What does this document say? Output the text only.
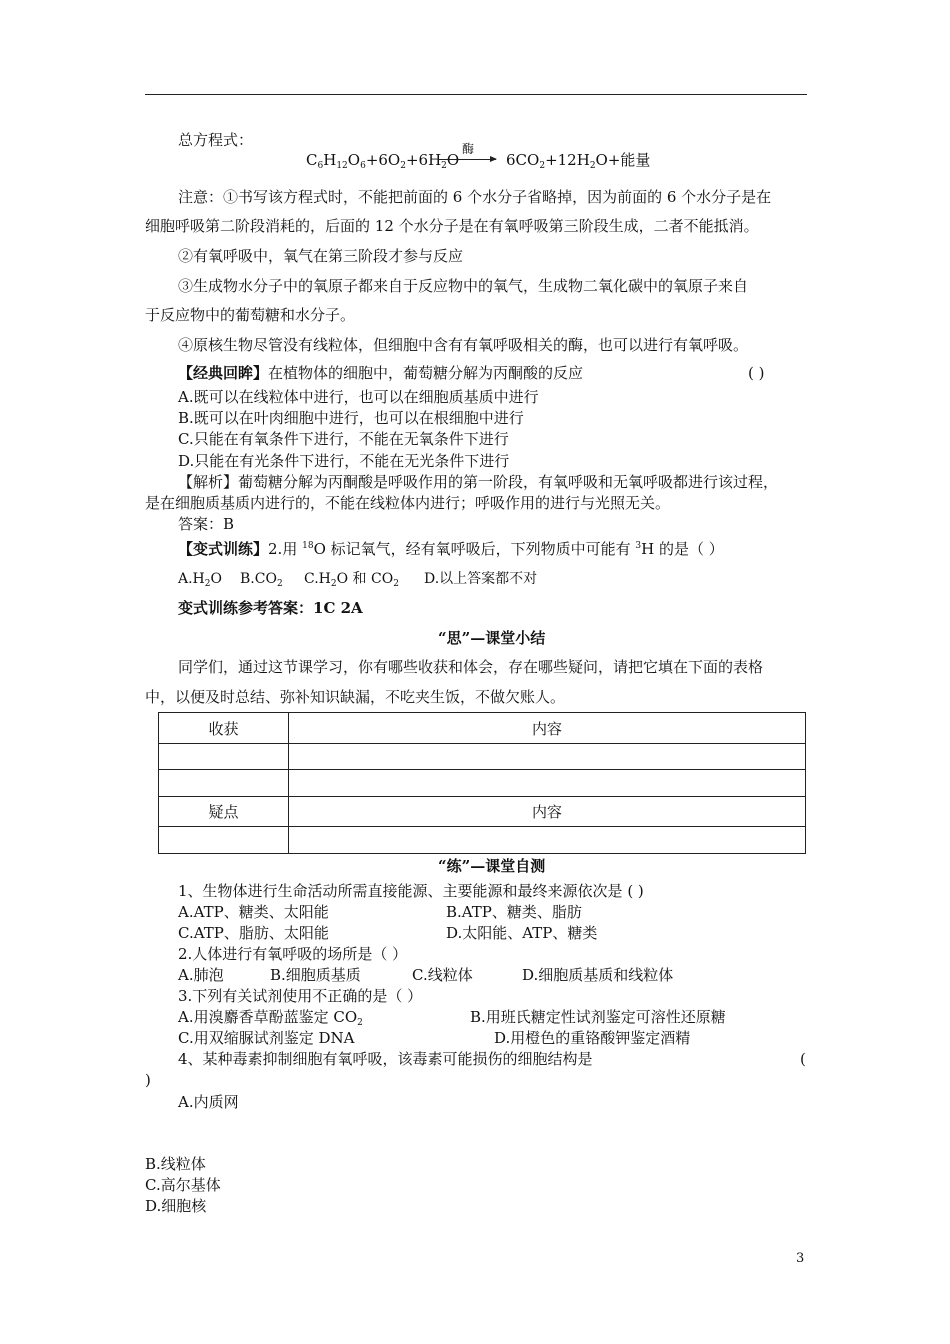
总方程式：	酶
$C_6H_{12}O_6+6O_2+6H_2O \to 6CO_2+12H_2O+$能量
注意：①书写该方程式时，不能把前面的 6 个水分子省略掉，因为前面的 6 个水分子是在
细胞呼吸第二阶段消耗的，后面的 12 个水分子是在有氧呼吸第三阶段生成，二者不能抵消。
②有氧呼吸中，氧气在第三阶段才参与反应
③生成物水分子中的氧原子都来自于反应物中的氧气，生成物二氧化碳中的氧原子来自
于反应物中的葡萄糖和水分子。
④原核生物尽管没有线粒体，但细胞中含有有氧呼吸相关的酶，也可以进行有氧呼吸。
【经典回眸】在植物体的细胞中，葡萄糖分解为丙酮酸的反应	( )
A.既可以在线粒体中进行，也可以在细胞质基质中进行
B.既可以在叶肉细胞中进行，也可以在根细胞中进行
C.只能在有氧条件下进行，不能在无氧条件下进行
D.只能在有光条件下进行，不能在无光条件下进行
【解析】葡萄糖分解为丙酮酸是呼吸作用的第一阶段，有氧呼吸和无氧呼吸都进行该过程，
是在细胞质基质内进行的，不能在线粒体内进行；呼吸作用的进行与光照无关。
答案：B
【变式训练】2.用 $^{18}$O 标记氧气，经有氧呼吸后，下列物质中可能有 $^3$H 的是（ ）
$A.H_2O$ $B.CO_2$ $C.H_2O$ 和 $CO_2$ D.以上答案都不对
变式训练参考答案：1C 2A
“思”—课堂小结
同学们，通过这节课学习，你有哪些收获和体会，存在哪些疑问，请把它填在下面的表格
中，以便及时总结、弥补知识缺漏，不吃夹生饭，不做欠账人。
收获	内容

疑点	内容

“练”—课堂自测
1、生物体进行生命活动所需直接能源、主要能源和最终来源依次是 ( )
A.ATP、糖类、太阳能	B.ATP、糖类、脂肪
C.ATP、脂肪、太阳能	D.太阳能、ATP、糖类
2.人体进行有氧呼吸的场所是（ ）
A.肺泡	B.细胞质基质	C.线粒体	D.细胞质基质和线粒体
3.下列有关试剂使用不正确的是（ ）
A.用溴麝香草酚蓝鉴定 $CO_2$	B.用班氏糖定性试剂鉴定可溶性还原糖
C.用双缩脲试剂鉴定 DNA	D.用橙色的重铬酸钾鉴定酒精
4、某种毒素抑制细胞有氧呼吸，该毒素可能损伤的细胞结构是	(
)
A.内质网
B.线粒体
C.高尔基体
D.细胞核
3
